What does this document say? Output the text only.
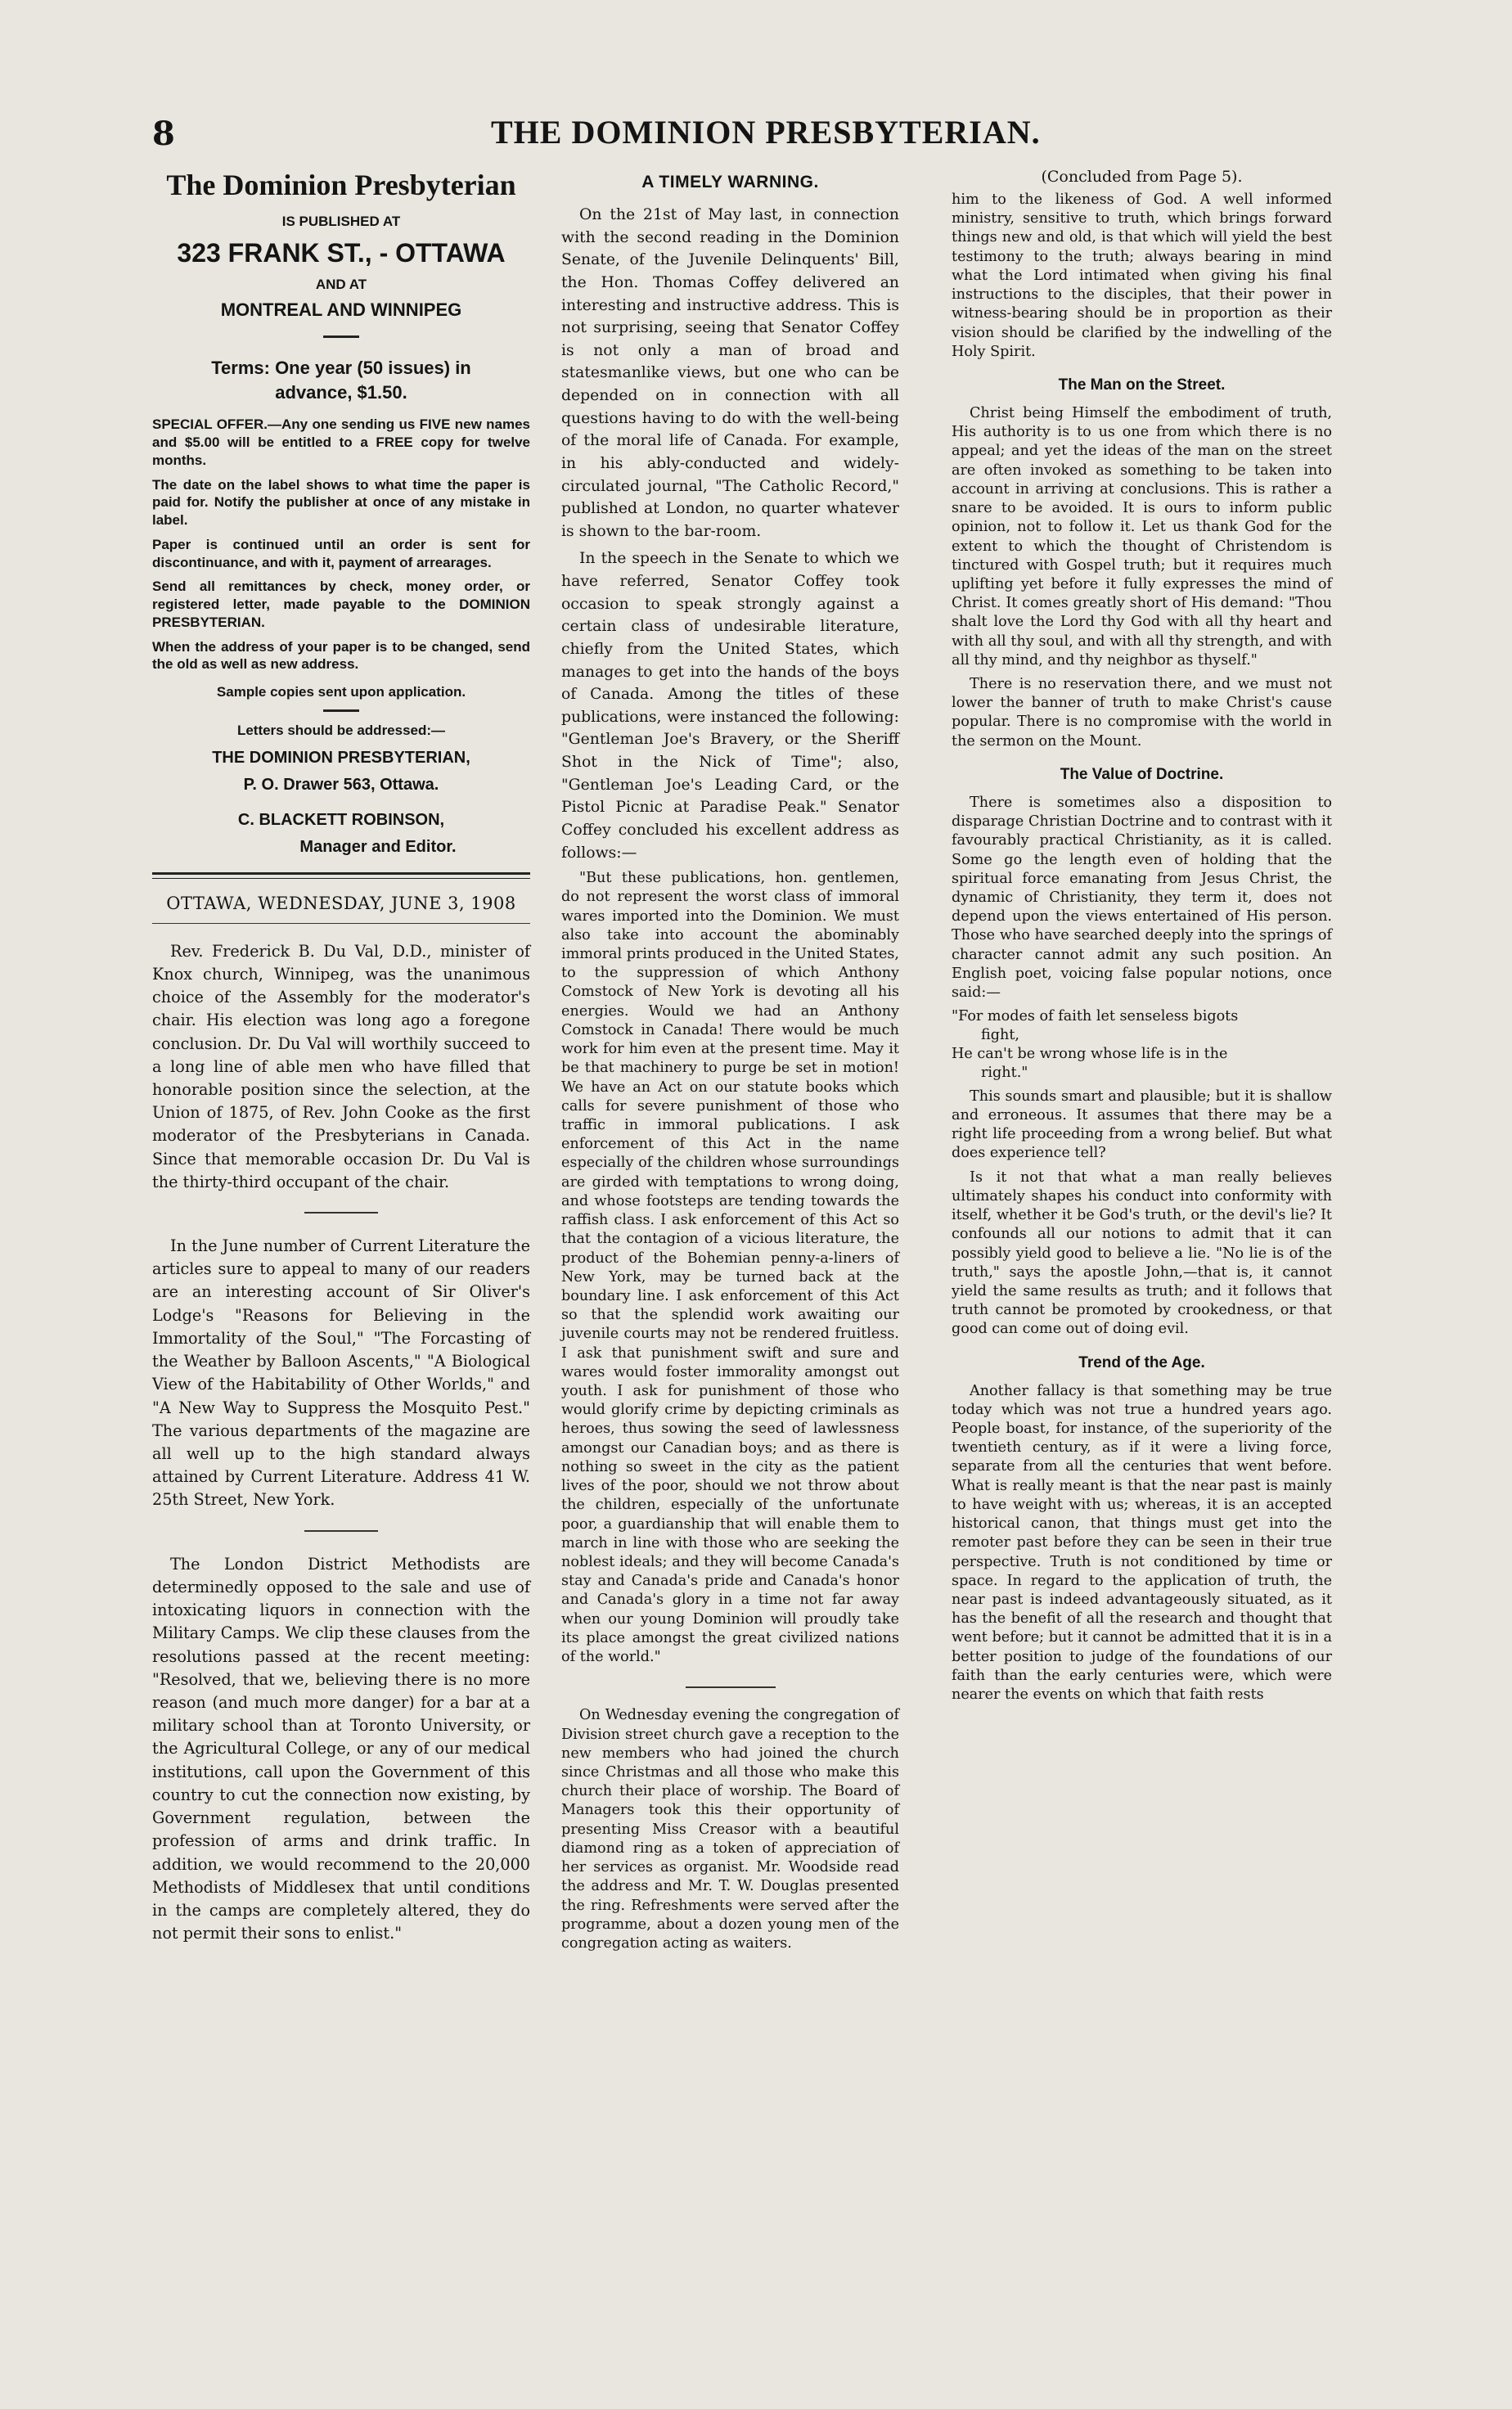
8	THE DOMINION PRESBYTERIAN.
The Dominion Presbyterian
IS PUBLISHED AT
323 FRANK ST., - OTTAWA
AND AT
MONTREAL AND WINNIPEG
Terms: One year (50 issues) in
advance, $1.50.

SPECIAL OFFER.—Any one sending us FIVE new names and $5.00 will be entitled to a FREE copy for twelve months.

The date on the label shows to what time the paper is paid for. Notify the publisher at once of any mistake in label.

Paper is continued until an order is sent for discontinuance, and with it, payment of arrearages.

Send all remittances by check, money order, or registered letter, made payable to the DOMINION PRESBYTERIAN.

When the address of your paper is to be changed, send the old as well as new address.

Sample copies sent upon application.

Letters should be addressed:—

THE DOMINION PRESBYTERIAN,
P. O. Drawer 563, Ottawa.
C. BLACKETT ROBINSON,
Manager and Editor.
OTTAWA, WEDNESDAY, JUNE 3, 1908

Rev. Frederick B. Du Val, D.D., minister of Knox church, Winnipeg, was the unanimous choice of the Assembly for the moderator's chair. His election was long ago a foregone conclusion. Dr. Du Val will worthily succeed to a long line of able men who have filled that honorable position since the selection, at the Union of 1875, of Rev. John Cooke as the first moderator of the Presbyterians in Canada. Since that memorable occasion Dr. Du Val is the thirty-third occupant of the chair.

In the June number of Current Literature the articles sure to appeal to many of our readers are an interesting account of Sir Oliver's Lodge's "Reasons for Believing in the Immortality of the Soul," "The Forcasting of the Weather by Balloon Ascents," "A Biological View of the Habitability of Other Worlds," and "A New Way to Suppress the Mosquito Pest." The various departments of the magazine are all well up to the high standard always attained by Current Literature. Address 41 W. 25th Street, New York.

The London District Methodists are determinedly opposed to the sale and use of intoxicating liquors in connection with the Military Camps. We clip these clauses from the resolutions passed at the recent meeting: "Resolved, that we, believing there is no more reason (and much more danger) for a bar at a military school than at Toronto University, or the Agricultural College, or any of our medical institutions, call upon the Government of this country to cut the connection now existing, by Government regulation, between the profession of arms and drink traffic. In addition, we would recommend to the 20,000 Methodists of Middlesex that until conditions in the camps are completely altered, they do not permit their sons to enlist."

A TIMELY WARNING.

On the 21st of May last, in connection with the second reading in the Dominion Senate, of the Juvenile Delinquents' Bill, the Hon. Thomas Coffey delivered an interesting and instructive address. This is not surprising, seeing that Senator Coffey is not only a man of broad and statesmanlike views, but one who can be depended on in connection with all questions having to do with the well-being of the moral life of Canada. For example, in his ably-conducted and widely-circulated journal, "The Catholic Record," published at London, no quarter whatever is shown to the bar-room.

In the speech in the Senate to which we have referred, Senator Coffey took occasion to speak strongly against a certain class of undesirable literature, chiefly from the United States, which manages to get into the hands of the boys of Canada. Among the titles of these publications, were instanced the following: "Gentleman Joe's Bravery, or the Sheriff Shot in the Nick of Time"; also, "Gentleman Joe's Leading Card, or the Pistol Picnic at Paradise Peak." Senator Coffey concluded his excellent address as follows:—

"But these publications, hon. gentlemen, do not represent the worst class of immoral wares imported into the Dominion. We must also take into account the abominably immoral prints produced in the United States, to the suppression of which Anthony Comstock of New York is devoting all his energies. Would we had an Anthony Comstock in Canada! There would be much work for him even at the present time. May it be that machinery to purge be set in motion! We have an Act on our statute books which calls for severe punishment of those who traffic in immoral publications. I ask enforcement of this Act in the name especially of the children whose surroundings are girded with temptations to wrong doing, and whose footsteps are tending towards the raffish class. I ask enforcement of this Act so that the contagion of a vicious literature, the product of the Bohemian penny-a-liners of New York, may be turned back at the boundary line. I ask enforcement of this Act so that the splendid work awaiting our juvenile courts may not be rendered fruitless. I ask that punishment swift and sure and wares would foster immorality amongst out youth. I ask for punishment of those who would glorify crime by depicting criminals as heroes, thus sowing the seed of lawlessness amongst our Canadian boys; and as there is nothing so sweet in the city as the patient lives of the poor, should we not throw about the children, especially of the unfortunate poor, a guardianship that will enable them to march in line with those who are seeking the noblest ideals; and they will become Canada's stay and Canada's pride and Canada's honor and Canada's glory in a time not far away when our young Dominion will proudly take its place amongst the great civilized nations of the world."

On Wednesday evening the congregation of Division street church gave a reception to the new members who had joined the church since Christmas and all those who make this church their place of worship. The Board of Managers took this their opportunity of presenting Miss Creasor with a beautiful diamond ring as a token of appreciation of her services as organist. Mr. Woodside read the address and Mr. T. W. Douglas presented the ring. Refreshments were served after the programme, about a dozen young men of the congregation acting as waiters.

(Concluded from Page 5).

him to the likeness of God. A well informed ministry, sensitive to truth, which brings forward things new and old, is that which will yield the best testimony to the truth; always bearing in mind what the Lord intimated when giving his final instructions to the disciples, that their power in witness-bearing should be in proportion as their vision should be clarified by the indwelling of the Holy Spirit.

The Man on the Street.

Christ being Himself the embodiment of truth, His authority is to us one from which there is no appeal; and yet the ideas of the man on the street are often invoked as something to be taken into account in arriving at conclusions. This is rather a snare to be avoided. It is ours to inform public opinion, not to follow it. Let us thank God for the extent to which the thought of Christendom is tinctured with Gospel truth; but it requires much uplifting yet before it fully expresses the mind of Christ. It comes greatly short of His demand: "Thou shalt love the Lord thy God with all thy heart and with all thy soul, and with all thy strength, and with all thy mind, and thy neighbor as thyself."

There is no reservation there, and we must not lower the banner of truth to make Christ's cause popular. There is no compromise with the world in the sermon on the Mount.

The Value of Doctrine.

There is sometimes also a disposition to disparage Christian Doctrine and to contrast with it favourably practical Christianity, as it is called. Some go the length even of holding that the spiritual force emanating from Jesus Christ, the dynamic of Christianity, they term it, does not depend upon the views entertained of His person. Those who have searched deeply into the springs of character cannot admit any such position. An English poet, voicing false popular notions, once said:—

"For modes of faith let senseless bigots

fight,

He can't be wrong whose life is in the

right."

This sounds smart and plausible; but it is shallow and erroneous. It assumes that there may be a right life proceeding from a wrong belief. But what does experience tell?

Is it not that what a man really believes ultimately shapes his conduct into conformity with itself, whether it be God's truth, or the devil's lie? It confounds all our notions to admit that it can possibly yield good to believe a lie. "No lie is of the truth," says the apostle John,—that is, it cannot yield the same results as truth; and it follows that truth cannot be promoted by crookedness, or that good can come out of doing evil.

Trend of the Age.

Another fallacy is that something may be true today which was not true a hundred years ago. People boast, for instance, of the superiority of the twentieth century, as if it were a living force, separate from all the centuries that went before. What is really meant is that the near past is mainly to have weight with us; whereas, it is an accepted historical canon, that things must get into the remoter past before they can be seen in their true perspective. Truth is not conditioned by time or space. In regard to the application of truth, the near past is indeed advantageously situated, as it has the benefit of all the research and thought that went before; but it cannot be admitted that it is in a better position to judge of the foundations of our faith than the early centuries were, which were nearer the events on which that faith rests
